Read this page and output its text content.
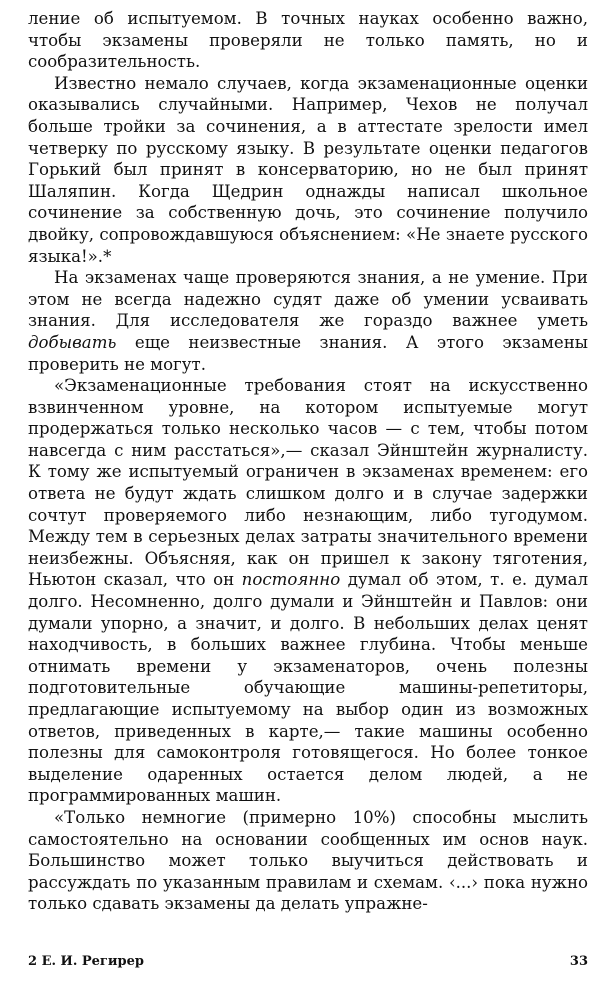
ление об испытуемом. В точных науках особенно важно, чтобы экзамены проверяли не только память, но и сообразительность.

Известно немало случаев, когда экзаменационные оценки оказывались случайными. Например, Чехов не получал больше тройки за сочинения, а в аттестате зрелости имел четверку по русскому языку. В результате оценки педагогов Горький был принят в консерваторию, но не был принят Шаляпин. Когда Щедрин однажды написал школьное сочинение за собственную дочь, это сочинение получило двойку, сопровождавшуюся объяснением: «Не знаете русского языка!».*

На экзаменах чаще проверяются знания, а не умение. При этом не всегда надежно судят даже об умении усваивать знания. Для исследователя же гораздо важнее уметь добывать еще неизвестные знания. А этого экзамены проверить не могут.

«Экзаменационные требования стоят на искусственно взвинченном уровне, на котором испытуемые могут продержаться только несколько часов — с тем, чтобы потом навсегда с ним расстаться»,— сказал Эйнштейн журналисту. К тому же испытуемый ограничен в экзаменах временем: его ответа не будут ждать слишком долго и в случае задержки сочтут проверяемого либо незнающим, либо тугодумом. Между тем в серьезных делах затраты значительного времени неизбежны. Объясняя, как он пришел к закону тяготения, Ньютон сказал, что он постоянно думал об этом, т. е. думал долго. Несомненно, долго думали и Эйнштейн и Павлов: они думали упорно, а значит, и долго. В небольших делах ценят находчивость, в больших важнее глубина. Чтобы меньше отнимать времени у экзаменаторов, очень полезны подготовительные обучающие машины-репетиторы, предлагающие испытуемому на выбор один из возможных ответов, приведенных в карте,— такие машины особенно полезны для самоконтроля готовящегося. Но более тонкое выделение одаренных остается делом людей, а не программированных машин.

«Только немногие (примерно 10%) способны мыслить самостоятельно на основании сообщенных им основ наук. Большинство может только выучиться действовать и рассуждать по указанным правилам и схемам. ‹...› пока нужно только сдавать экзамены да делать упражне-

2 Е. И. Регирер	33
